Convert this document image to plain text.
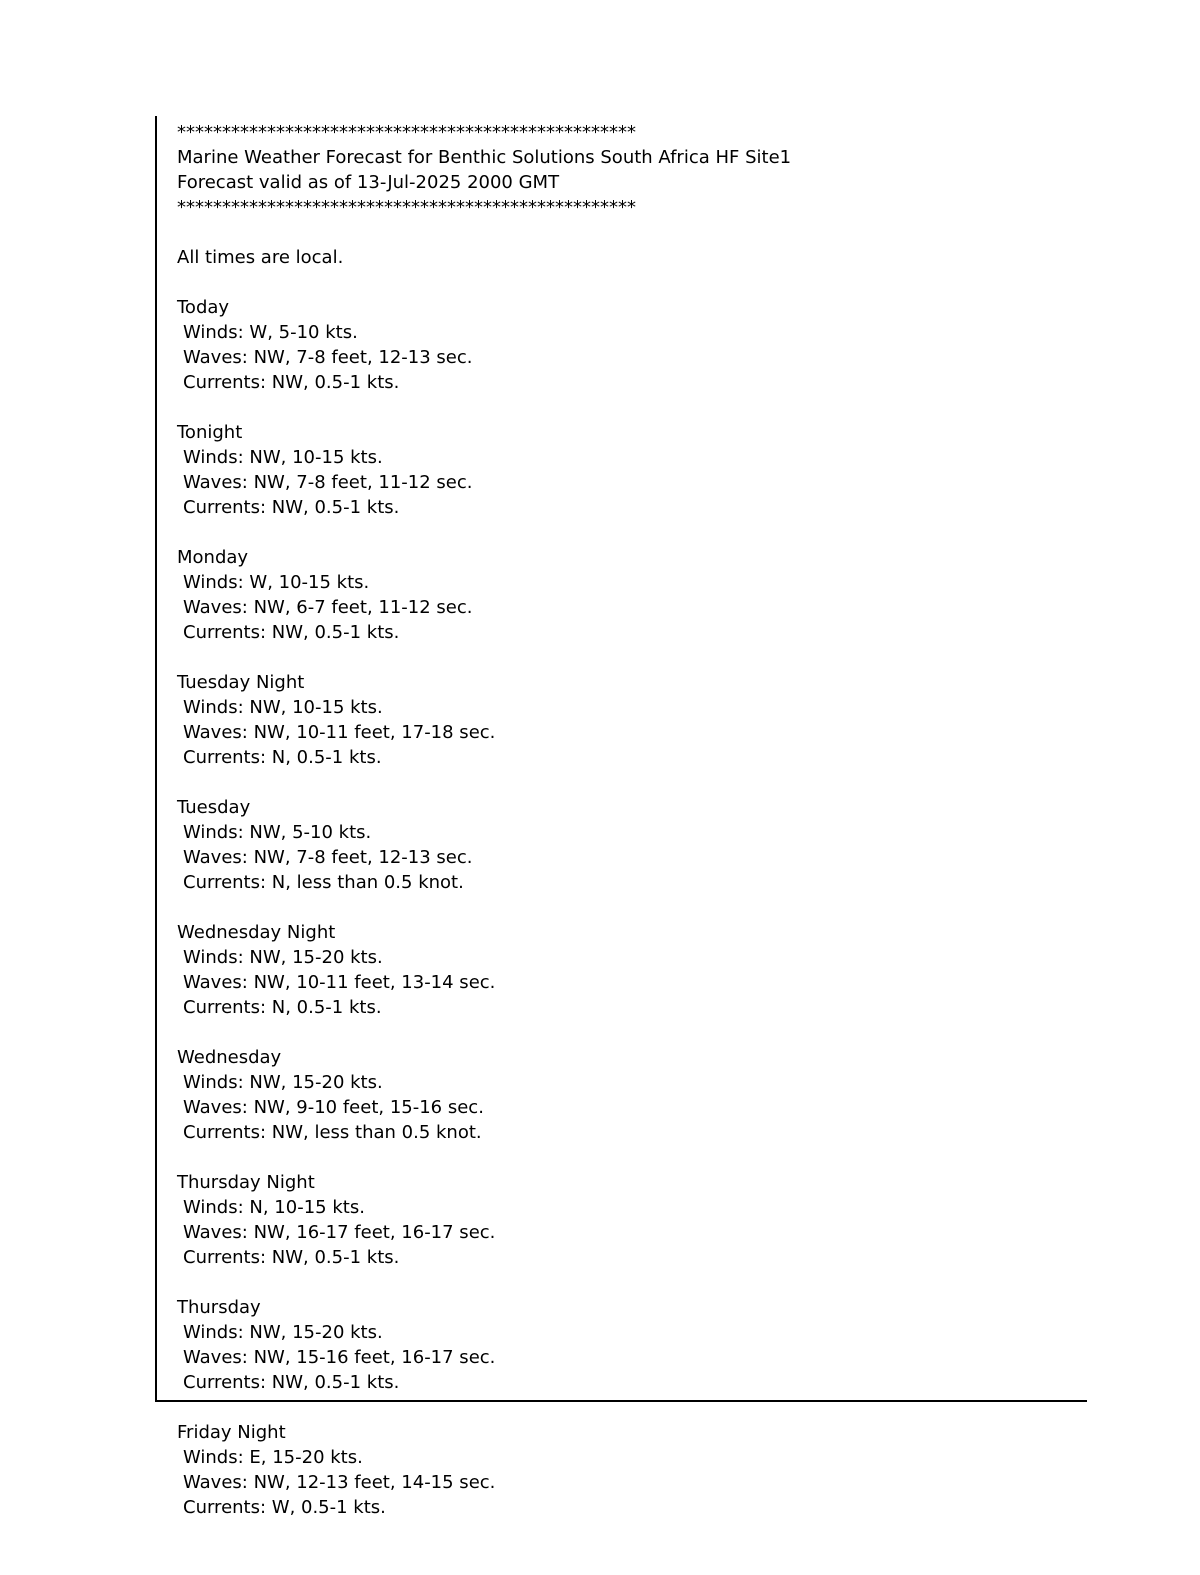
***************************************************
Marine Weather Forecast for Benthic Solutions South Africa HF Site1
Forecast valid as of 13-Jul-2025 2000 GMT
***************************************************
All times are local.
Today
Winds: W, 5-10 kts.
Waves: NW, 7-8 feet, 12-13 sec.
Currents: NW, 0.5-1 kts.
Tonight
Winds: NW, 10-15 kts.
Waves: NW, 7-8 feet, 11-12 sec.
Currents: NW, 0.5-1 kts.
Monday
Winds: W, 10-15 kts.
Waves: NW, 6-7 feet, 11-12 sec.
Currents: NW, 0.5-1 kts.
Tuesday Night
Winds: NW, 10-15 kts.
Waves: NW, 10-11 feet, 17-18 sec.
Currents: N, 0.5-1 kts.
Tuesday
Winds: NW, 5-10 kts.
Waves: NW, 7-8 feet, 12-13 sec.
Currents: N, less than 0.5 knot.
Wednesday Night
Winds: NW, 15-20 kts.
Waves: NW, 10-11 feet, 13-14 sec.
Currents: N, 0.5-1 kts.
Wednesday
Winds: NW, 15-20 kts.
Waves: NW, 9-10 feet, 15-16 sec.
Currents: NW, less than 0.5 knot.
Thursday Night
Winds: N, 10-15 kts.
Waves: NW, 16-17 feet, 16-17 sec.
Currents: NW, 0.5-1 kts.
Thursday
Winds: NW, 15-20 kts.
Waves: NW, 15-16 feet, 16-17 sec.
Currents: NW, 0.5-1 kts.
Friday Night
Winds: E, 15-20 kts.
Waves: NW, 12-13 feet, 14-15 sec.
Currents: W, 0.5-1 kts.
